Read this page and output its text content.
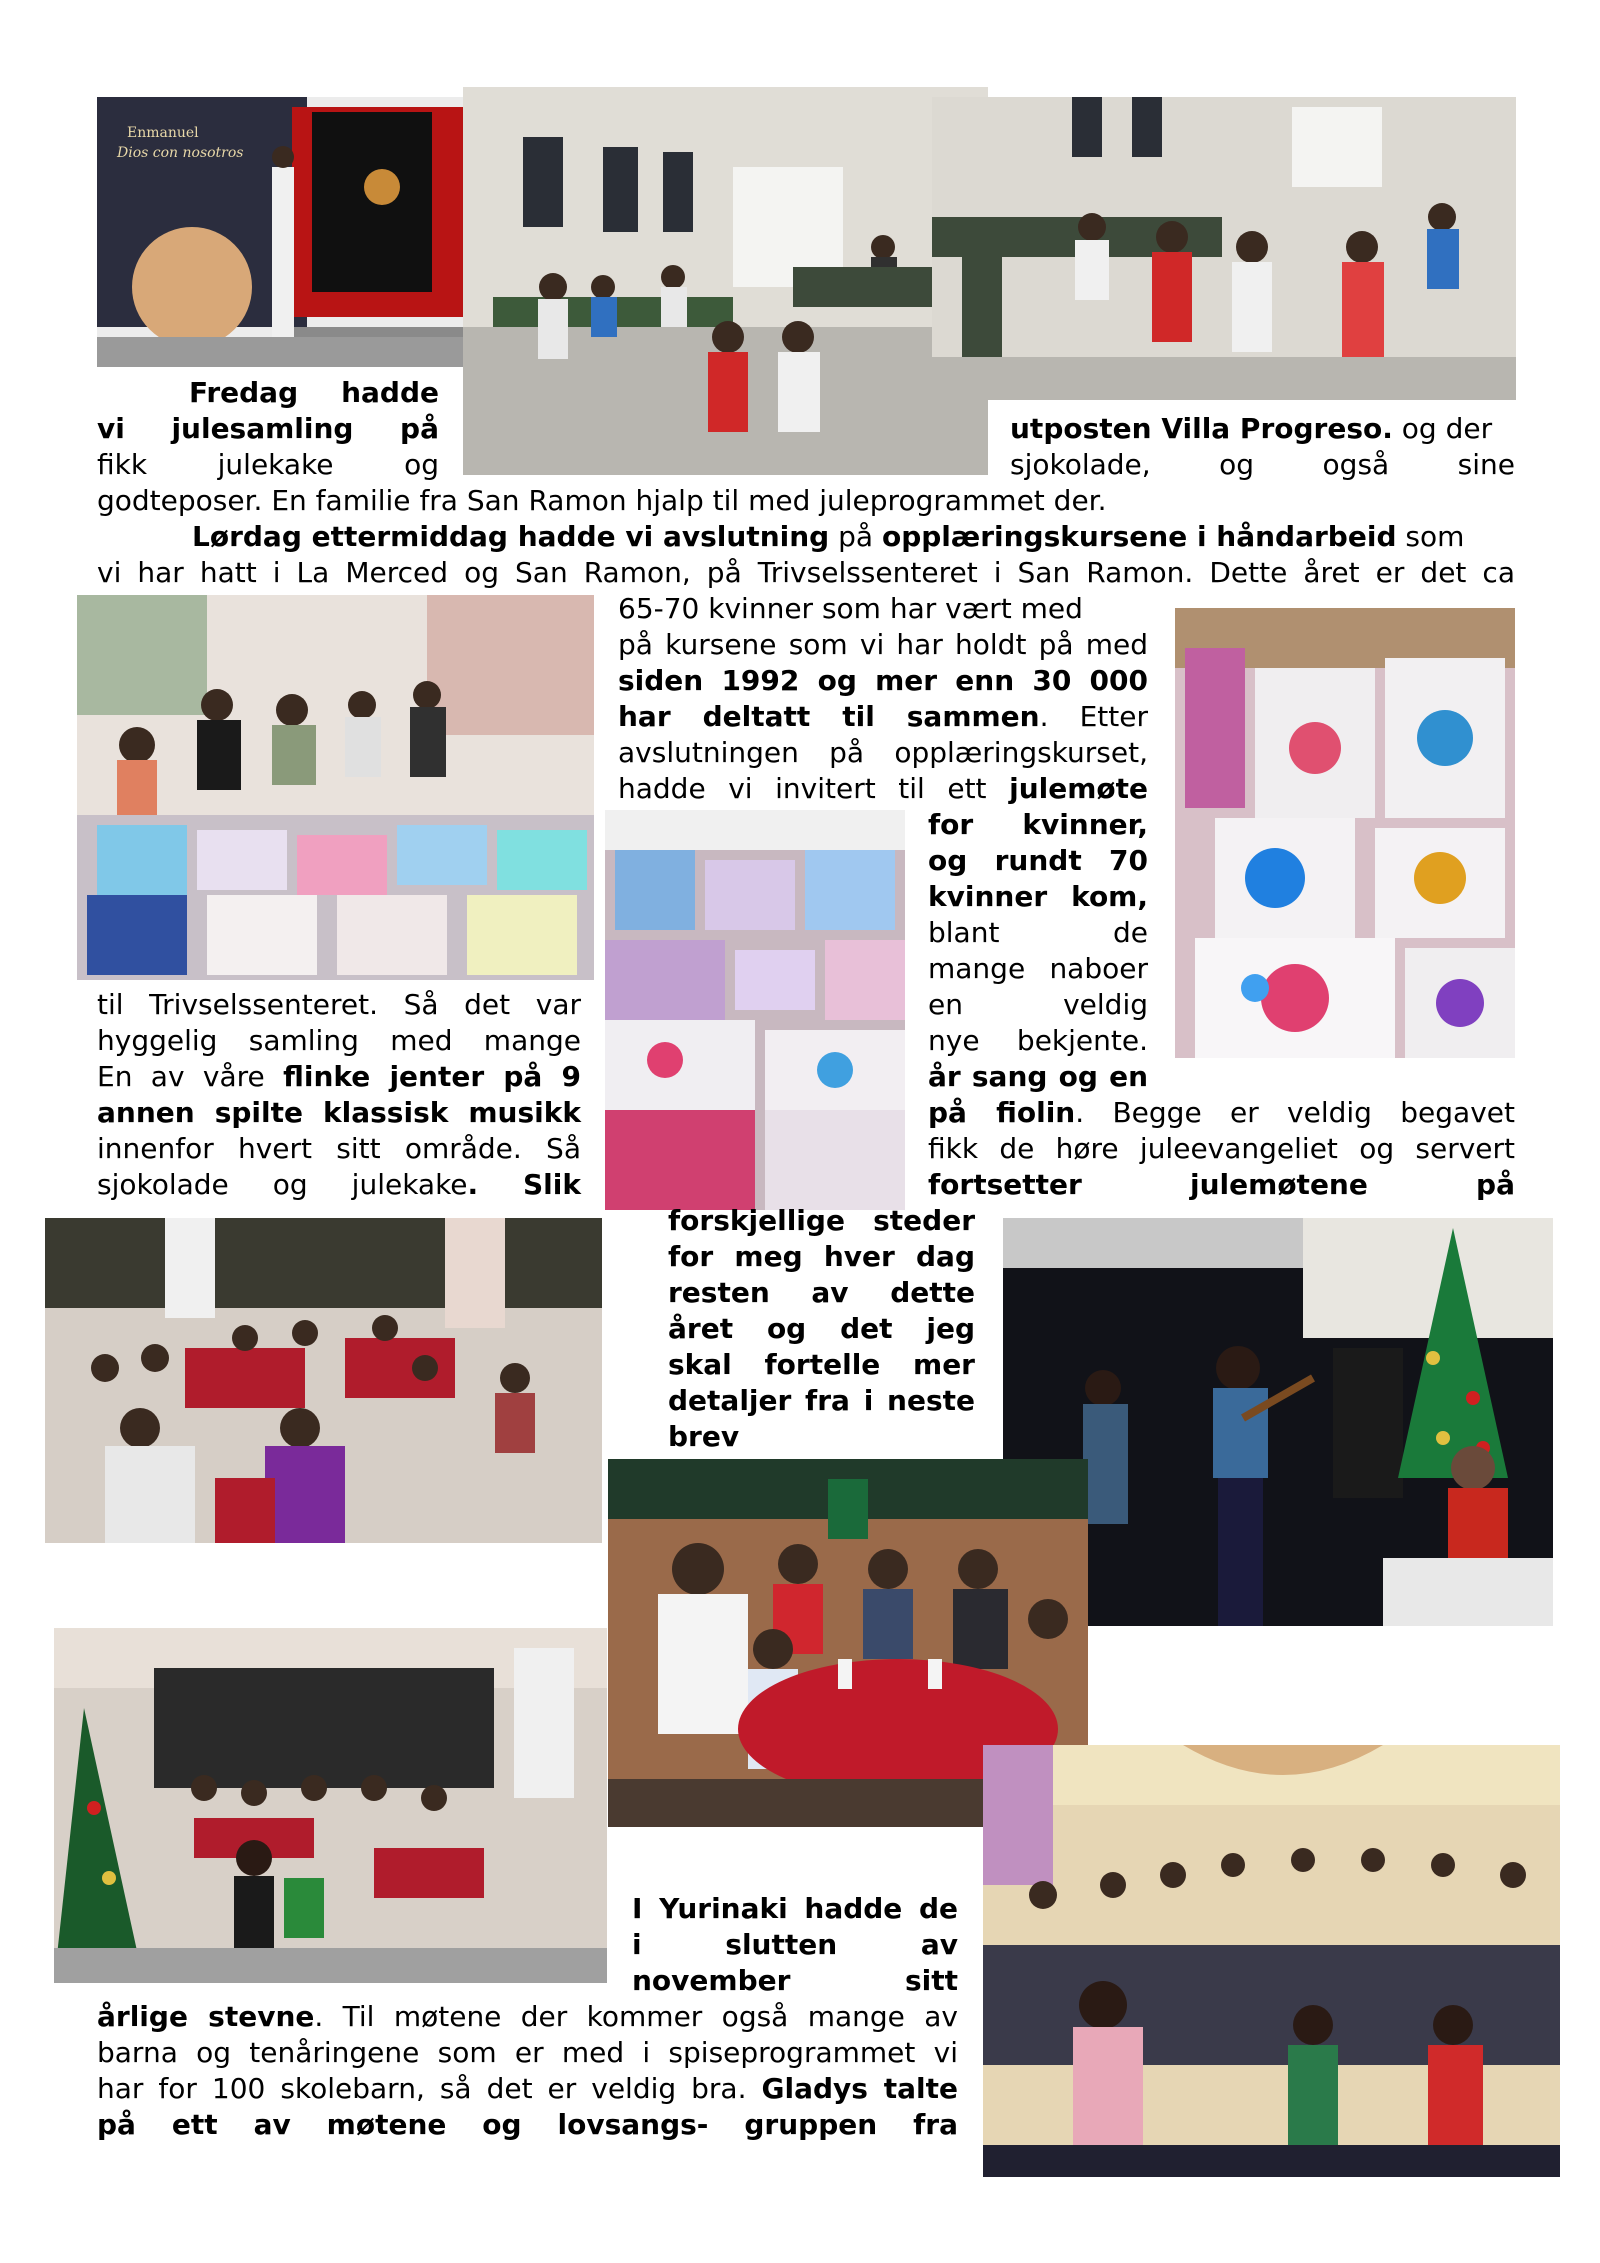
Enmanuel
Dios con nosotros

Fredag hadde

vi julesamling på	utposten Villa Progreso. og der

fikk julekake og	sjokolade, og også sine

godteposer. En familie fra San Ramon hjalp til med juleprogrammet der.

Lørdag ettermiddag hadde vi avslutning på opplæringskursene i håndarbeid som

vi har hatt i La Merced og San Ramon, på Trivselssenteret i San Ramon. Dette året er det ca

65-70 kvinner som har vært med

på kursene som vi har holdt på med

siden 1992 og mer enn 30 000

har deltatt til sammen. Etter

avslutningen på opplæringskurset,

hadde vi invitert til ett julemøte

for kvinner,

og rundt 70

kvinner kom,

blant de

mange naboer

en veldig

nye bekjente.

år sang og en

på fiolin. Begge er veldig begavet

fikk de høre juleevangeliet og servert

fortsetter julemøtene på

til Trivselssenteret. Så det var

hyggelig samling med mange

En av våre flinke jenter på 9

annen spilte klassisk musikk

innenfor hvert sitt område. Så

sjokolade og julekake. Slik

forskjellige steder

for meg hver dag

resten av dette

året og det jeg

skal fortelle mer

detaljer fra i neste

brev

I Yurinaki hadde de

i slutten av

november sitt

årlige stevne. Til møtene der kommer også mange av

barna og tenåringene som er med i spiseprogrammet vi

har for 100 skolebarn, så det er veldig bra. Gladys talte

på ett av møtene og lovsangs- gruppen fra
